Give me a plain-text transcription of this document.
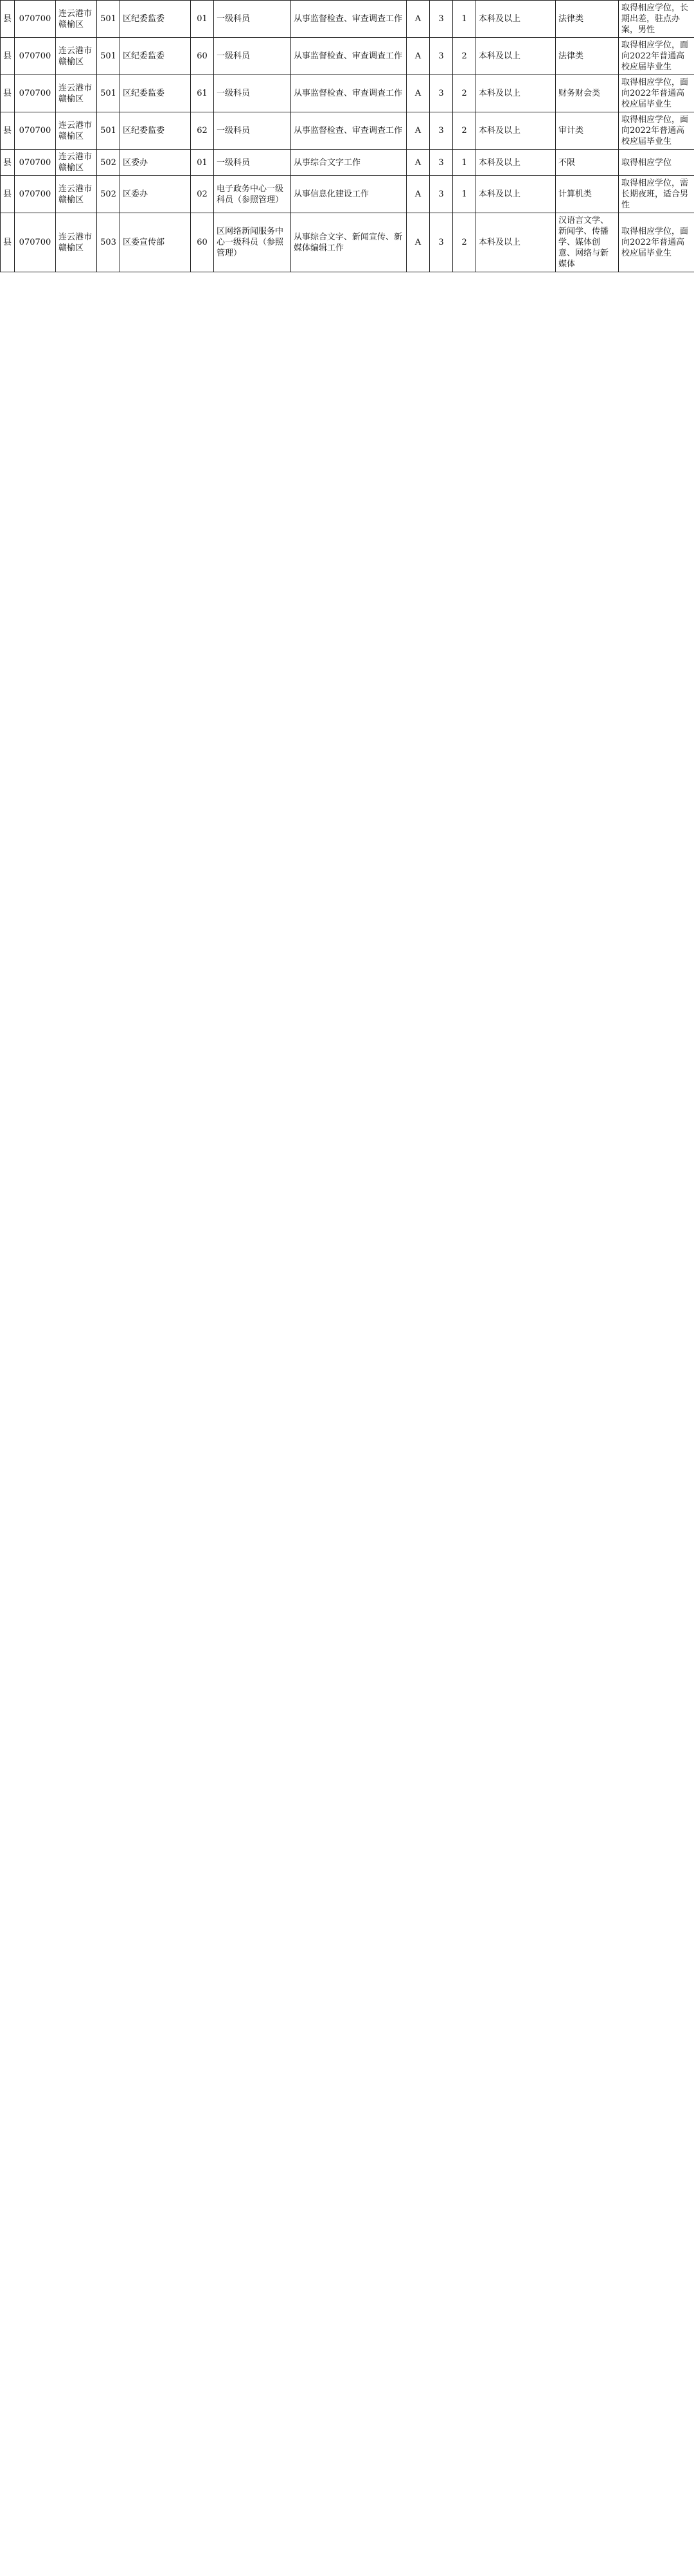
县	070700	连云港市赣榆区	501	区纪委监委	01	一级科员	从事监督检查、审查调查工作	A	3	1	本科及以上	法律类	取得相应学位，长期出差，驻点办案，男性
县	070700	连云港市赣榆区	501	区纪委监委	60	一级科员	从事监督检查、审查调查工作	A	3	2	本科及以上	法律类	取得相应学位，面向2022年普通高校应届毕业生
县	070700	连云港市赣榆区	501	区纪委监委	61	一级科员	从事监督检查、审查调查工作	A	3	2	本科及以上	财务财会类	取得相应学位，面向2022年普通高校应届毕业生
县	070700	连云港市赣榆区	501	区纪委监委	62	一级科员	从事监督检查、审查调查工作	A	3	2	本科及以上	审计类	取得相应学位，面向2022年普通高校应届毕业生
县	070700	连云港市赣榆区	502	区委办	01	一级科员	从事综合文字工作	A	3	1	本科及以上	不限	取得相应学位
县	070700	连云港市赣榆区	502	区委办	02	电子政务中心一级科员（参照管理）	从事信息化建设工作	A	3	1	本科及以上	计算机类	取得相应学位，需长期夜班，适合男性
县	070700	连云港市赣榆区	503	区委宣传部	60	区网络新闻服务中心一级科员（参照管理）	从事综合文字、新闻宣传、新媒体编辑工作	A	3	2	本科及以上	汉语言文学、新闻学、传播学、媒体创意、网络与新媒体	取得相应学位，面向2022年普通高校应届毕业生
